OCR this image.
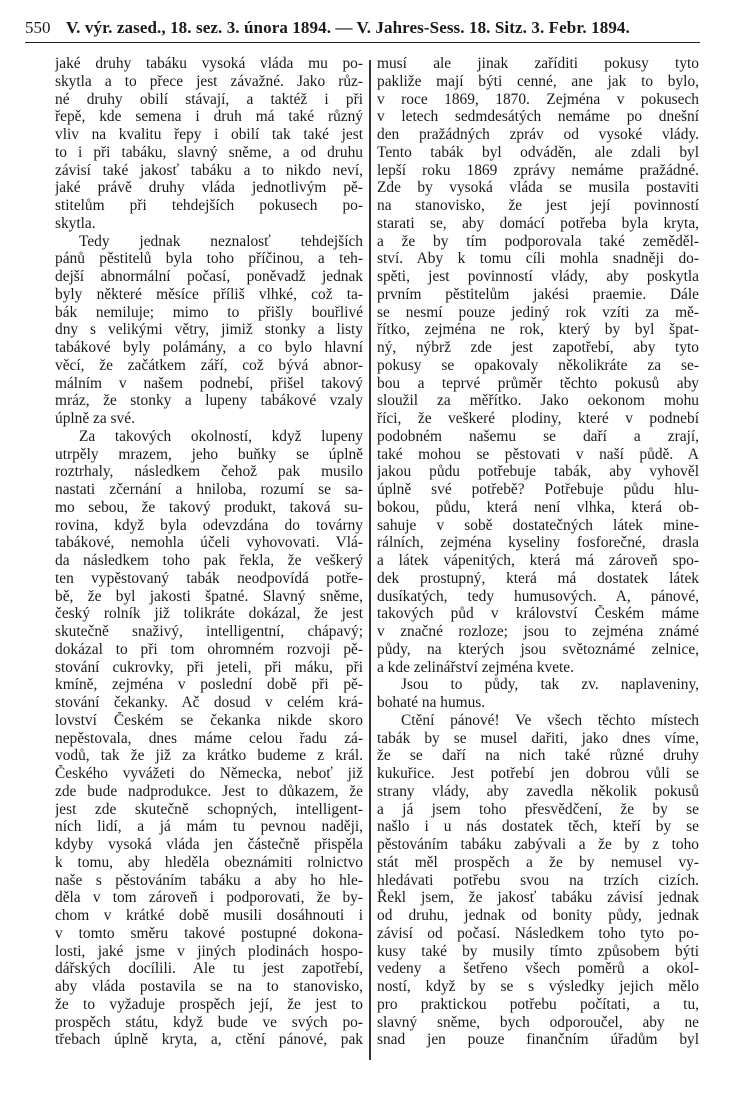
550 V. výr. zased., 18. sez. 3. února 1894. — V. Jahres-Sess. 18. Sitz. 3. Febr. 1894.
jaké druhy tabáku vysoká vláda mu po-
skytla a to přece jest závažné. Jako růz-
né druhy obilí stávají, a taktéž i při
řepě, kde semena i druh má také různý
vliv na kvalitu řepy i obilí tak také jest
to i při tabáku, slavný sněme, a od druhu
závisí také jakosť tabáku a to nikdo neví,
jaké právě druhy vláda jednotlivým pě-
stitelům při tehdejších pokusech po-
skytla.
Tedy jednak neznalosť tehdejších
pánů pěstitelů byla toho příčinou, a teh-
dejší abnormální počasí, poněvadž jednak
byly některé měsíce příliš vlhké, což ta-
bák nemiluje; mimo to přišly bouřlivé
dny s velikými větry, jimiž stonky a listy
tabákové byly polámány, a co bylo hlavní
věcí, že začátkem září, což bývá abnor-
málním v našem podnebí, přišel takový
mráz, že stonky a lupeny tabákové vzaly
úplně za své.
Za takových okolností, když lupeny
utrpěly mrazem, jeho buňky se úplně
roztrhaly, následkem čehož pak musilo
nastati zčernání a hniloba, rozumí se sa-
mo sebou, že takový produkt, taková su-
rovina, když byla odevzdána do továrny
tabákové, nemohla účeli vyhovovati. Vlá-
da následkem toho pak řekla, že veškerý
ten vypěstovaný tabák neodpovídá potře-
bě, že byl jakosti špatné. Slavný sněme,
český rolník již tolikráte dokázal, že jest
skutečně snaživý, intelligentní, chápavý;
dokázal to při tom ohromném rozvoji pě-
stování cukrovky, při jeteli, při máku, při
kmíně, zejména v poslední době při pě-
stování čekanky. Ač dosud v celém krá-
lovství Českém se čekanka nikde skoro
nepěstovala, dnes máme celou řadu zá-
vodů, tak že již za krátko budeme z král.
Českého vyvážeti do Německa, neboť již
zde bude nadprodukce. Jest to důkazem, že
jest zde skutečně schopných, intelligent-
ních lidí, a já mám tu pevnou naději,
kdyby vysoká vláda jen částečně přispěla
k tomu, aby hleděla obeznámiti rolnictvo
naše s pěstováním tabáku a aby ho hle-
děla v tom zároveň i podporovati, že by-
chom v krátké době musili dosáhnouti i
v tomto směru takové postupné dokona-
losti, jaké jsme v jiných plodinách hospo-
dářských docílili. Ale tu jest zapotřebí,
aby vláda postavila se na to stanovisko,
že to vyžaduje prospěch její, že jest to
prospěch státu, když bude ve svých po-
třebach úplně kryta, a, ctění pánové, pak
musí ale jinak zaříditi pokusy tyto
pakliže mají býti cenné, ane jak to bylo,
v roce 1869, 1870. Zejména v pokusech
v letech sedmdesátých nemáme po dnešní
den pražádných zpráv od vysoké vlády.
Tento tabák byl odváděn, ale zdali byl
lepší roku 1869 zprávy nemáme pražádné.
Zde by vysoká vláda se musila postaviti
na stanovisko, že jest její povinností
starati se, aby domácí potřeba byla kryta,
a že by tím podporovala také zeměděl-
ství. Aby k tomu cíli mohla snadněji do-
spěti, jest povinností vlády, aby poskytla
prvním pěstitelům jakési praemie. Dále
se nesmí pouze jediný rok vzíti za mě-
řítko, zejména ne rok, který by byl špat-
ný, nýbrž zde jest zapotřebí, aby tyto
pokusy se opakovaly několikráte za se-
bou a teprvé průměr těchto pokusů aby
sloužil za měřítko. Jako oekonom mohu
říci, že veškeré plodiny, které v podnebí
podobném našemu se daří a zrají,
také mohou se pěstovati v naší půdě. A
jakou půdu potřebuje tabák, aby vyhověl
úplně své potřebě? Potřebuje půdu hlu-
bokou, půdu, která není vlhka, která ob-
sahuje v sobě dostatečných látek mine-
rálních, zejména kyseliny fosforečné, drasla
a látek vápenitých, která má zároveň spo-
dek prostupný, která má dostatek látek
dusíkatých, tedy humusových. A, pánové,
takových půd v království Českém máme
v značné rozloze; jsou to zejména známé
půdy, na kterých jsou světoznámé zelnice,
a kde zelinářství zejména kvete.
Jsou to půdy, tak zv. naplaveniny,
bohaté na humus.
Ctění pánové! Ve všech těchto místech
tabák by se musel dařiti, jako dnes víme,
že se daří na nich také různé druhy
kukuřice. Jest potřebí jen dobrou vůli se
strany vlády, aby zavedla několik pokusů
a já jsem toho přesvědčení, že by se
našlo i u nás dostatek těch, kteří by se
pěstováním tabáku zabývali a že by z toho
stát měl prospěch a že by nemusel vy-
hledávati potřebu svou na trzích cizích.
Řekl jsem, že jakosť tabáku závisí jednak
od druhu, jednak od bonity půdy, jednak
závisí od počasí. Následkem toho tyto po-
kusy také by musily tímto způsobem býti
vedeny a šetřeno všech poměrů a okol-
ností, když by se s výsledky jejich mělo
pro praktickou potřebu počítati, a tu,
slavný sněme, bych odporoučel, aby ne
snad jen pouze finančním úřadům byl
